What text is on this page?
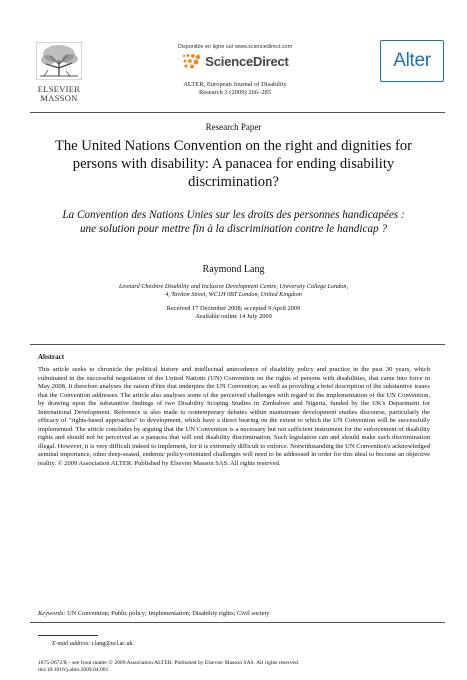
ELSEVIER
MASSON
Disponible en ligne sur www.sciencedirect.com
ScienceDirect
ALTER, European Journal of Disability
Research 3 (2009) 266–285
Alter
Research Paper
The United Nations Convention on the right and dignities for persons with disability: A panacea for ending disability discrimination?
La Convention des Nations Unies sur les droits des personnes handicapées : une solution pour mettre fin à la discrimination contre le handicap ?
Raymond Lang
Leonard Cheshire Disability and Inclusive Development Centre, University College London,
4, Taviton Street, WC1H 0BT London, United Kingdom
Received 17 December 2008; accepted 9 April 2009
Available online 14 July 2009
Abstract
This article seeks to chronicle the political history and intellectual antecedence of disability policy and practice in the past 30 years, which culminated in the successful negotiation of the United Nations (UN) Convention on the rights of persons with disabilities, that came into force in May 2008. It therefore analyses the raison d'être that underpins the UN Convention, as well as providing a brief description of the substantive issues that the Convention addresses. The article also analyses some of the perceived challenges with regard to the implementation of the UN Convention, by drawing upon the substantive findings of two Disability Scoping Studies in Zimbabwe and Nigeria, funded by the UK's Department for International Development. Reference is also made to contemporary debates within mainstream development studies discourse, particularly the efficacy of "rights-based approaches" to development, which have a direct bearing on the extent to which the UN Convention will be successfully implemented. The article concludes by arguing that the UN Convention is a necessary but not sufficient instrument for the enforcement of disability rights and should not be perceived as a panacea that will end disability discrimination. Such legislation can and should make such discrimination illegal. However, it is very difficult indeed to implement, for it is extremely difficult to enforce. Notwithstanding the UN Convention's acknowledged seminal importance, other deep-seated, endemic policy-orientated challenges will need to be addressed in order for this ideal to become an objective reality. © 2009 Association ALTER. Published by Elsevier Masson SAS. All rights reserved.
Keywords: UN Convention; Public policy; Implementation; Disability rights; Civil society
E-mail address: r.lang@ucl.ac.uk.
1875-0672/$ – see front matter © 2009 Association ALTER. Published by Elsevier Masson SAS. All rights reserved.
doi:10.1016/j.alter.2009.04.001
